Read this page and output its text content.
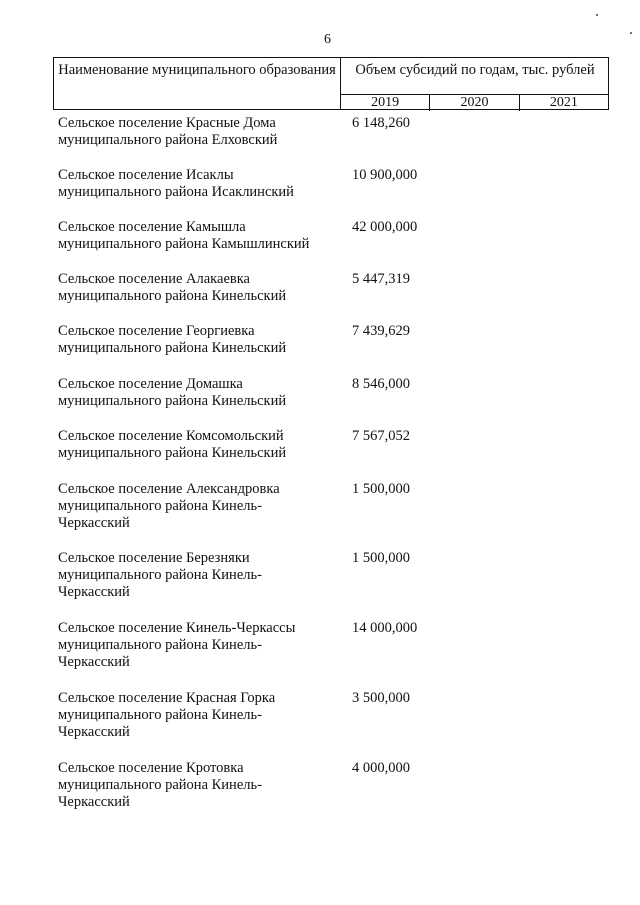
6
Наименование муниципального образования	Объем субсидий по годам, тыс. рублей
2019	2020	2021
Сельское поселение Красные Дома
муниципального района Елховский
6 148,260
Сельское поселение Исаклы
муниципального района Исаклинский
10 900,000
Сельское поселение Камышла
муниципального района Камышлинский
42 000,000
Сельское поселение Алакаевка
муниципального района Кинельский
5 447,319
Сельское поселение Георгиевка
муниципального района Кинельский
7 439,629
Сельское поселение Домашка
муниципального района Кинельский
8 546,000
Сельское поселение Комсомольский
муниципального района Кинельский
7 567,052
Сельское поселение Александровка
муниципального района Кинель-
Черкасский
1 500,000
Сельское поселение Березняки
муниципального района Кинель-
Черкасский
1 500,000
Сельское поселение Кинель-Черкассы
муниципального района Кинель-
Черкасский
14 000,000
Сельское поселение Красная Горка
муниципального района Кинель-
Черкасский
3 500,000
Сельское поселение Кротовка
муниципального района Кинель-
Черкасский
4 000,000
